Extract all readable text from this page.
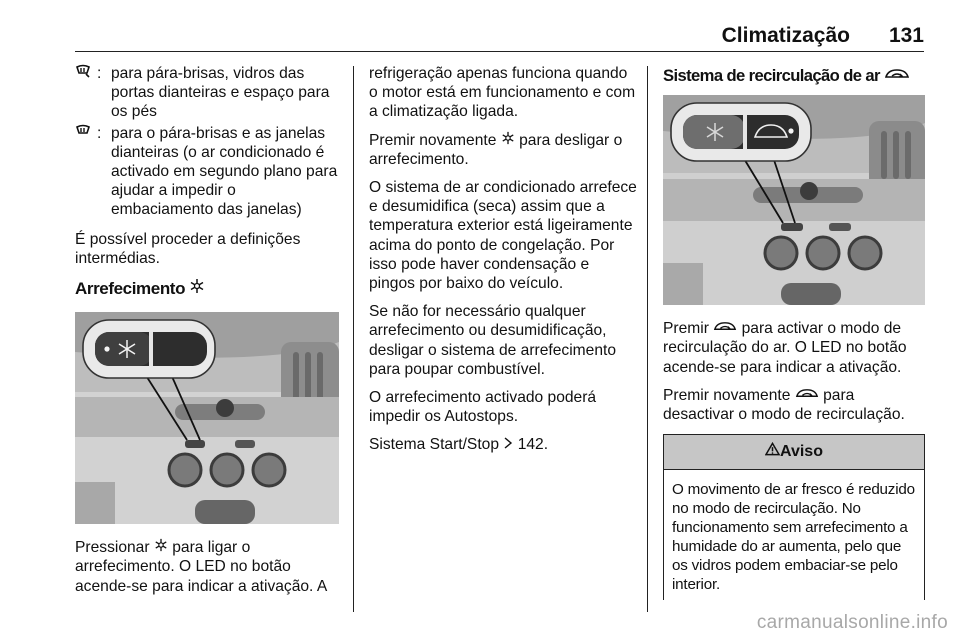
Climatização	131
: para pára-brisas, vidros das portas dianteiras e espaço para os pés
: para o pára-brisas e as janelas dianteiras (o ar condicionado é activado em segundo plano para ajudar a impedir o embaciamento das janelas)

É possível proceder a definições intermédias.

Arrefecimento

Pressionar para ligar o arrefecimento. O LED no botão acende-se para indicar a ativação. A

refrigeração apenas funciona quando o motor está em funcionamento e com a climatização ligada.

Premir novamente para desligar o arrefecimento.

O sistema de ar condicionado arrefece e desumidifica (seca) assim que a temperatura exterior está ligeiramente acima do ponto de congelação. Por isso pode haver condensação e pingos por baixo do veículo.

Se não for necessário qualquer arrefecimento ou desumidificação, desligar o sistema de arrefecimento para poupar combustível.

O arrefecimento activado poderá impedir os Autostops.

Sistema Start/Stop 142.

Sistema de recirculação de ar

Premir para activar o modo de recirculação do ar. O LED no botão acende-se para indicar a ativação.

Premir novamente para desactivar o modo de recirculação.

Aviso
O movimento de ar fresco é reduzido no modo de recirculação. No funcionamento sem arrefecimento a humidade do ar aumenta, pelo que os vidros podem embaciar-se pelo interior.
carmanualsonline.info
